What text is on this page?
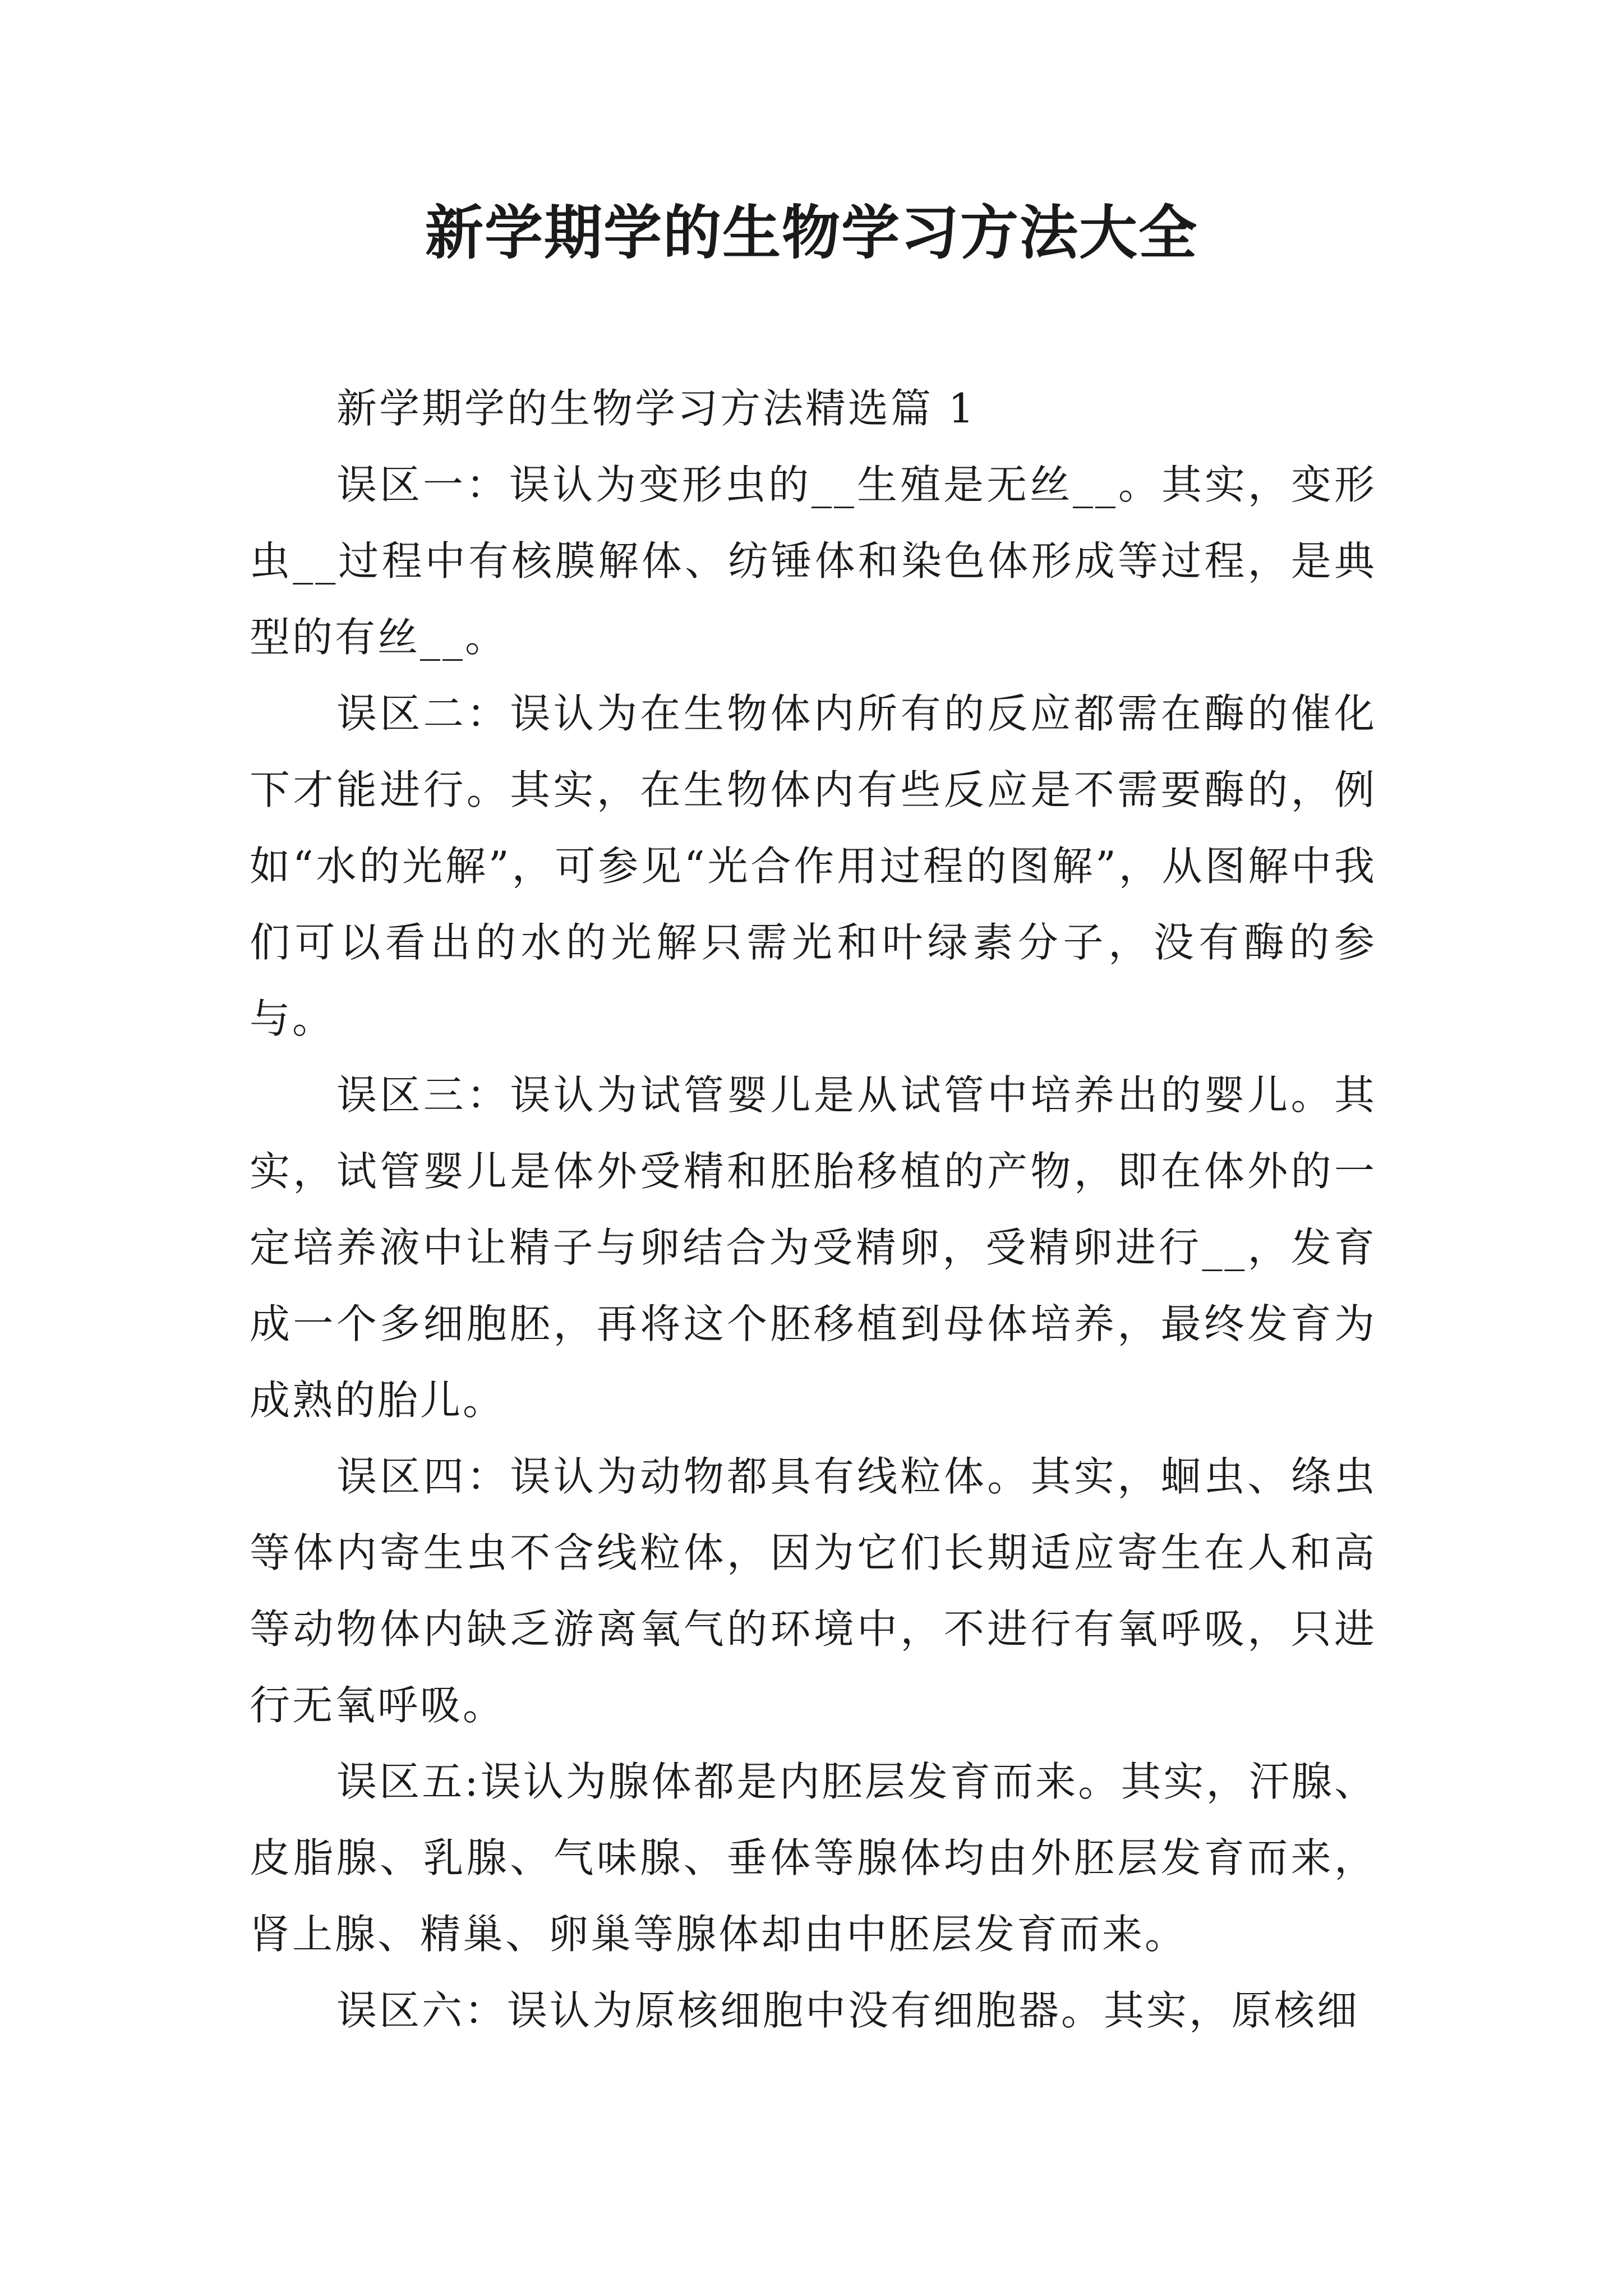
新学期学的生物学习方法大全

新学期学的生物学习方法精选篇 1

误区一：误认为变形虫的__生殖是无丝__。其实，变形虫__过程中有核膜解体、纺锤体和染色体形成等过程，是典型的有丝__。

误区二：误认为在生物体内所有的反应都需在酶的催化下才能进行。其实，在生物体内有些反应是不需要酶的，例如“水的光解”，可参见“光合作用过程的图解”，从图解中我们可以看出的水的光解只需光和叶绿素分子，没有酶的参与。

误区三：误认为试管婴儿是从试管中培养出的婴儿。其实，试管婴儿是体外受精和胚胎移植的产物，即在体外的一定培养液中让精子与卵结合为受精卵，受精卵进行__，发育成一个多细胞胚，再将这个胚移植到母体培养，最终发育为成熟的胎儿。

误区四：误认为动物都具有线粒体。其实，蛔虫、绦虫等体内寄生虫不含线粒体，因为它们长期适应寄生在人和高等动物体内缺乏游离氧气的环境中，不进行有氧呼吸，只进行无氧呼吸。

误区五:误认为腺体都是内胚层发育而来。其实，汗腺、皮脂腺、乳腺、气味腺、垂体等腺体均由外胚层发育而来，肾上腺、精巢、卵巢等腺体却由中胚层发育而来。

误区六：误认为原核细胞中没有细胞器。其实，原核细
